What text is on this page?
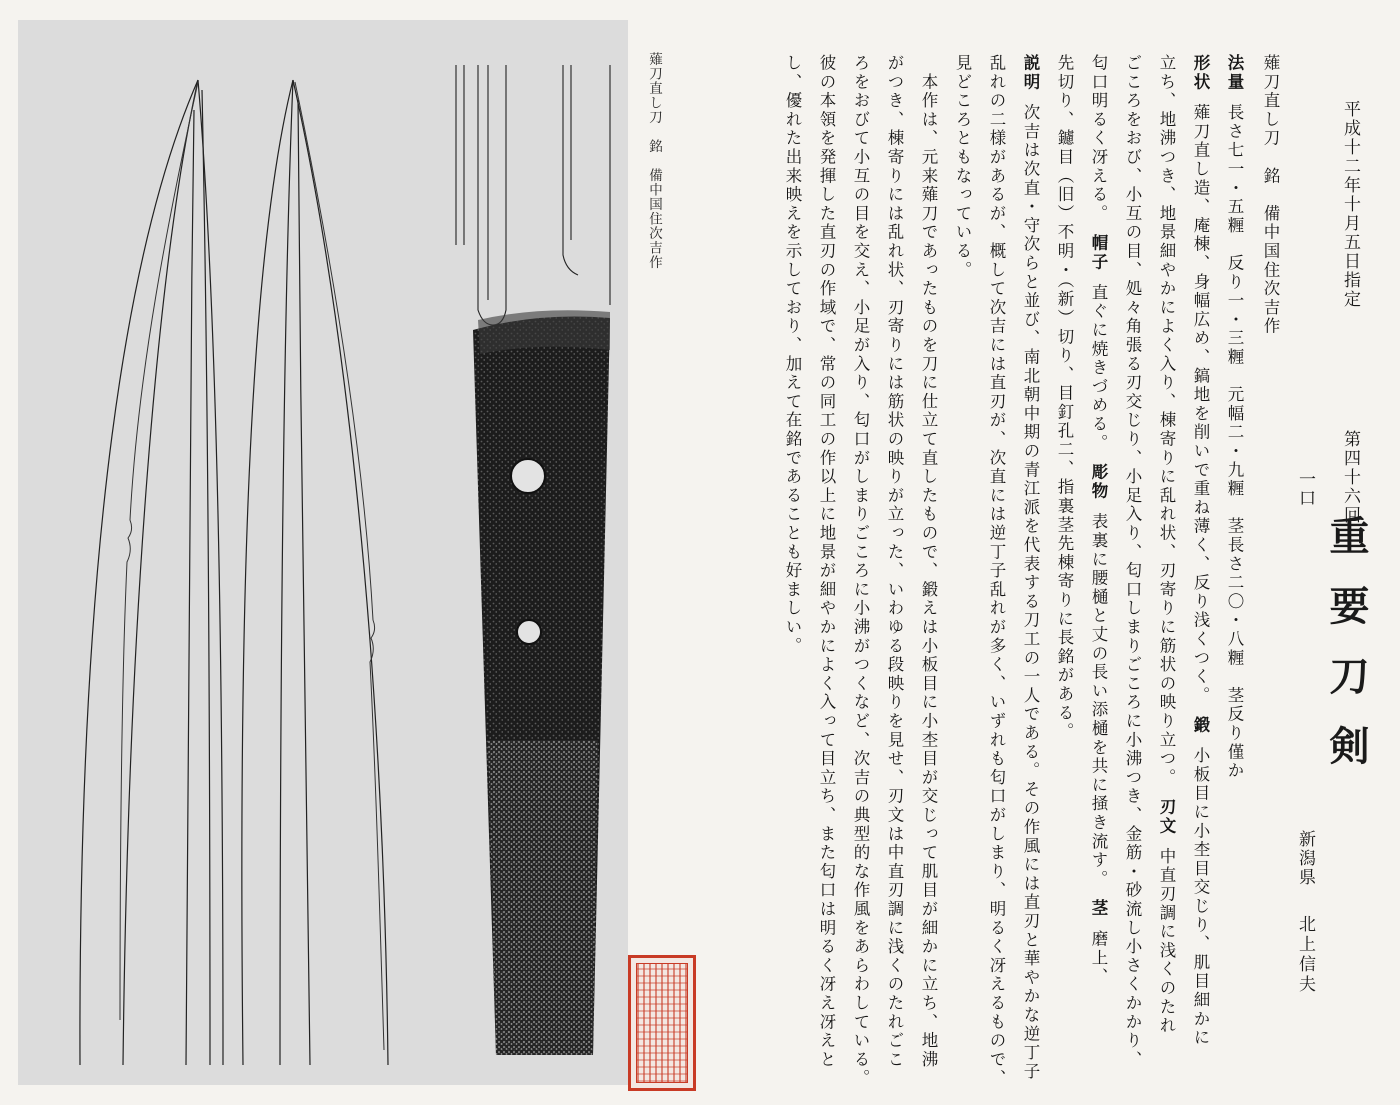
薙刀直し刀　銘　備中国住次吉作	平成十二年十月五日指定
第四十六回
重要刀剣
一口
新潟県
北上信夫
薙刀直し刀　銘　備中国住次吉作
法量長さ七一・五糎　反り一・三糎　元幅二・九糎　茎長さ二〇・八糎　茎反り僅か
形状薙刀直し造、庵棟、身幅広め、鎬地を削いで重ね薄く、反り浅くつく。　鍛小板目に小杢目交じり、肌目細かに
立ち、地沸つき、地景細やかによく入り、棟寄りに乱れ状、刃寄りに筋状の映り立つ。　刃文中直刃調に浅くのたれ
ごころをおび、小互の目、処々角張る刃交じり、小足入り、匂口しまりごころに小沸つき、金筋・砂流し小さくかかり、
匂口明るく冴える。　帽子直ぐに焼きづめる。　彫物表裏に腰樋と丈の長い添樋を共に掻き流す。　茎磨上、
先切り、鑢目（旧）不明・（新）切り、目釘孔二、指裏茎先棟寄りに長銘がある。
説明次吉は次直・守次らと並び、南北朝中期の青江派を代表する刀工の一人である。その作風には直刃と華やかな逆丁子
乱れの二様があるが、概して次吉には直刃が、次直には逆丁子乱れが多く、いずれも匂口がしまり、明るく冴えるもので、
見どころともなっている。
　本作は、元来薙刀であったものを刀に仕立て直したもので、鍛えは小板目に小杢目が交じって肌目が細かに立ち、地沸
がつき、棟寄りには乱れ状、刃寄りには筋状の映りが立った、いわゆる段映りを見せ、刃文は中直刃調に浅くのたれごこ
ろをおびて小互の目を交え、小足が入り、匂口がしまりごころに小沸がつくなど、次吉の典型的な作風をあらわしている。
彼の本領を発揮した直刃の作域で、常の同工の作以上に地景が細やかによく入って目立ち、また匂口は明るく冴え冴えと
し、優れた出来映えを示しており、加えて在銘であることも好ましい。
